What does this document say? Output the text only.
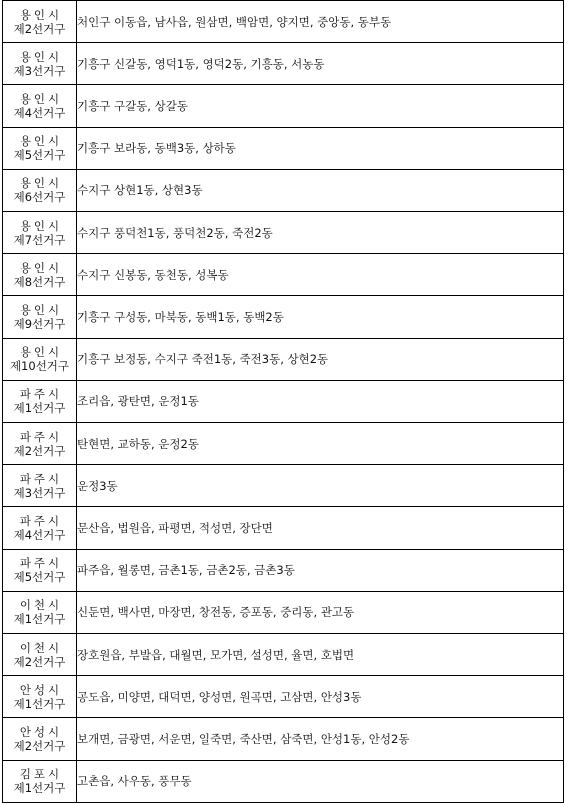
용인시
제2선거구	처인구 이동읍, 남사읍, 원삼면, 백암면, 양지면, 중앙동, 동부동

용인시
제3선거구	기흥구 신갈동, 영덕1동, 영덕2동, 기흥동, 서농동

용인시
제4선거구	기흥구 구갈동, 상갈동

용인시
제5선거구	기흥구 보라동, 동백3동, 상하동

용인시
제6선거구	수지구 상현1동, 상현3동

용인시
제7선거구	수지구 풍덕천1동, 풍덕천2동, 죽전2동

용인시
제8선거구	수지구 신봉동, 동천동, 성복동

용인시
제9선거구	기흥구 구성동, 마북동, 동백1동, 동백2동

용인시
제10선거구	기흥구 보정동, 수지구 죽전1동, 죽전3동, 상현2동

파주시
제1선거구	조리읍, 광탄면, 운정1동

파주시
제2선거구	탄현면, 교하동, 운정2동

파주시
제3선거구	운정3동

파주시
제4선거구	문산읍, 법원읍, 파평면, 적성면, 장단면

파주시
제5선거구	파주읍, 월롱면, 금촌1동, 금촌2동, 금촌3동

이천시
제1선거구	신둔면, 백사면, 마장면, 창전동, 증포동, 중리동, 관고동

이천시
제2선거구	장호원읍, 부발읍, 대월면, 모가면, 설성면, 율면, 호법면

안성시
제1선거구	공도읍, 미양면, 대덕면, 양성면, 원곡면, 고삼면, 안성3동

안성시
제2선거구	보개면, 금광면, 서운면, 일죽면, 죽산면, 삼죽면, 안성1동, 안성2동

김포시
제1선거구	고촌읍, 사우동, 풍무동
